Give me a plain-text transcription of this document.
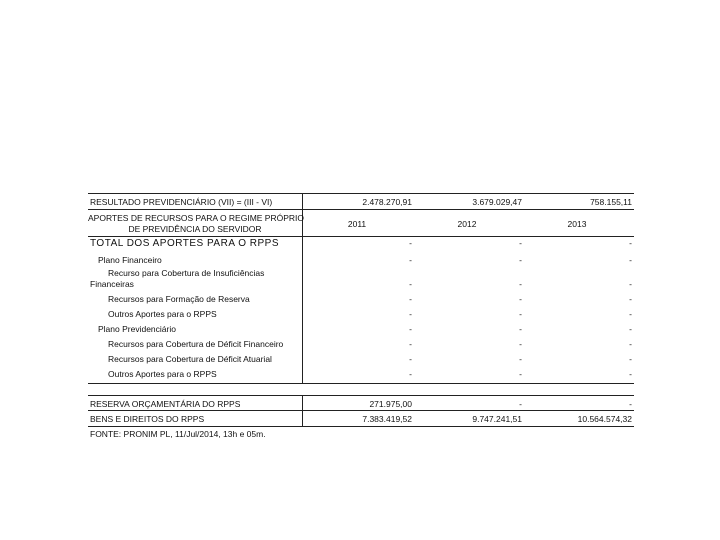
RESULTADO PREVIDENCIÁRIO (VII) = (III - VI)	2.478.270,91	3.679.029,47	758.155,11
APORTES DE RECURSOS PARA O REGIME PRÓPRIO
DE PREVIDÊNCIA DO SERVIDOR	2011	2012	2013
TOTAL DOS APORTES PARA O RPPS	-	-	-
Plano Financeiro	-	-	-
Recurso para Cobertura de Insuficiências
Financeiras	-	-	-
Recursos para Formação de Reserva	-	-	-
Outros Aportes para o RPPS	-	-	-
Plano Previdenciário	-	-	-
Recursos para Cobertura de Déficit Financeiro	-	-	-
Recursos para Cobertura de Déficit Atuarial	-	-	-
Outros Aportes para o RPPS	-	-	-
RESERVA ORÇAMENTÁRIA DO RPPS	271.975,00	-	-
BENS E DIREITOS DO RPPS	7.383.419,52	9.747.241,51	10.564.574,32
FONTE: PRONIM PL, 11/Jul/2014, 13h e 05m.
